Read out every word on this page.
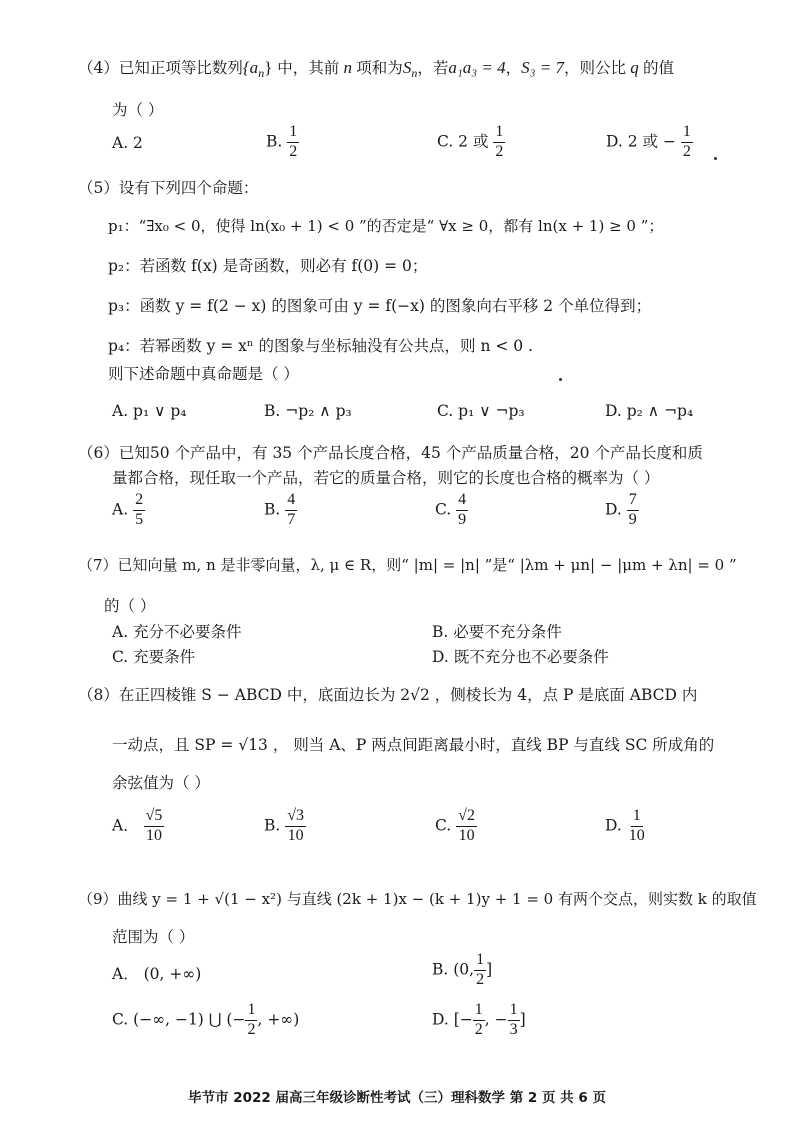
（4）已知正项等比数列$\{a_n\}$ 中，其前 n 项和为$S_n$，若a₁a₃ = 4，S₃ = 7，则公比 q 的值
为（ ）
A. 2	B. $\frac{1}{2}$	C. 2 或 $\frac{1}{2}$	D. 2 或 − $\frac{1}{2}$
（5）设有下列四个命题：
p₁：“∃x₀ < 0，使得 ln(x₀ + 1) < 0 ”的否定是“ ∀x ≥ 0，都有 ln(x + 1) ≥ 0 ”；
p₂：若函数 f(x) 是奇函数，则必有 f(0) = 0；
p₃：函数 y = f(2 − x) 的图象可由 y = f(−x) 的图象向右平移 2 个单位得到；
p₄：若幂函数 y = xⁿ 的图象与坐标轴没有公共点，则 n < 0 .
则下述命题中真命题是（ ）
A. p₁ ∨ p₄	B. ¬p₂ ∧ p₃	C. p₁ ∨ ¬p₃	D. p₂ ∧ ¬p₄
（6）已知50 个产品中，有 35 个产品长度合格，45 个产品质量合格，20 个产品长度和质
量都合格，现任取一个产品，若它的质量合格，则它的长度也合格的概率为（ ）
A. $\frac{2}{5}$	B. $\frac{4}{7}$	C. $\frac{4}{9}$	D. $\frac{7}{9}$
（7）已知向量 m, n 是非零向量，λ, μ ∈ R，则“ |m| = |n| ”是“ |λm + μn| − |μm + λn| = 0 ”
的（ ）
A. 充分不必要条件	B. 必要不充分条件
C. 充要条件	D. 既不充分也不必要条件
（8）在正四棱锥 S − ABCD 中，底面边长为 2√2 ，侧棱长为 4，点 P 是底面 ABCD 内
一动点，且 SP = √13 ， 则当 A、P 两点间距离最小时，直线 BP 与直线 SC 所成角的
余弦值为（ ）
A． $\frac{√5}{10}$	B. $\frac{√3}{10}$	C. $\frac{√2}{10}$	D. $\frac{1}{10}$
（9）曲线 y = 1 + √(1 − x²) 与直线 (2k + 1)x − (k + 1)y + 1 = 0 有两个交点，则实数 k 的取值
范围为（ ）
A． (0, +∞)	B. (0, $\frac{1}{2}$ ]
C. (−∞, −1) ⋃ (− $\frac{1}{2}$ , +∞)	D. [− $\frac{1}{2}$ , − $\frac{1}{3}$ ]
毕节市 2022 届高三年级诊断性考试（三）理科数学 第 2 页 共 6 页
